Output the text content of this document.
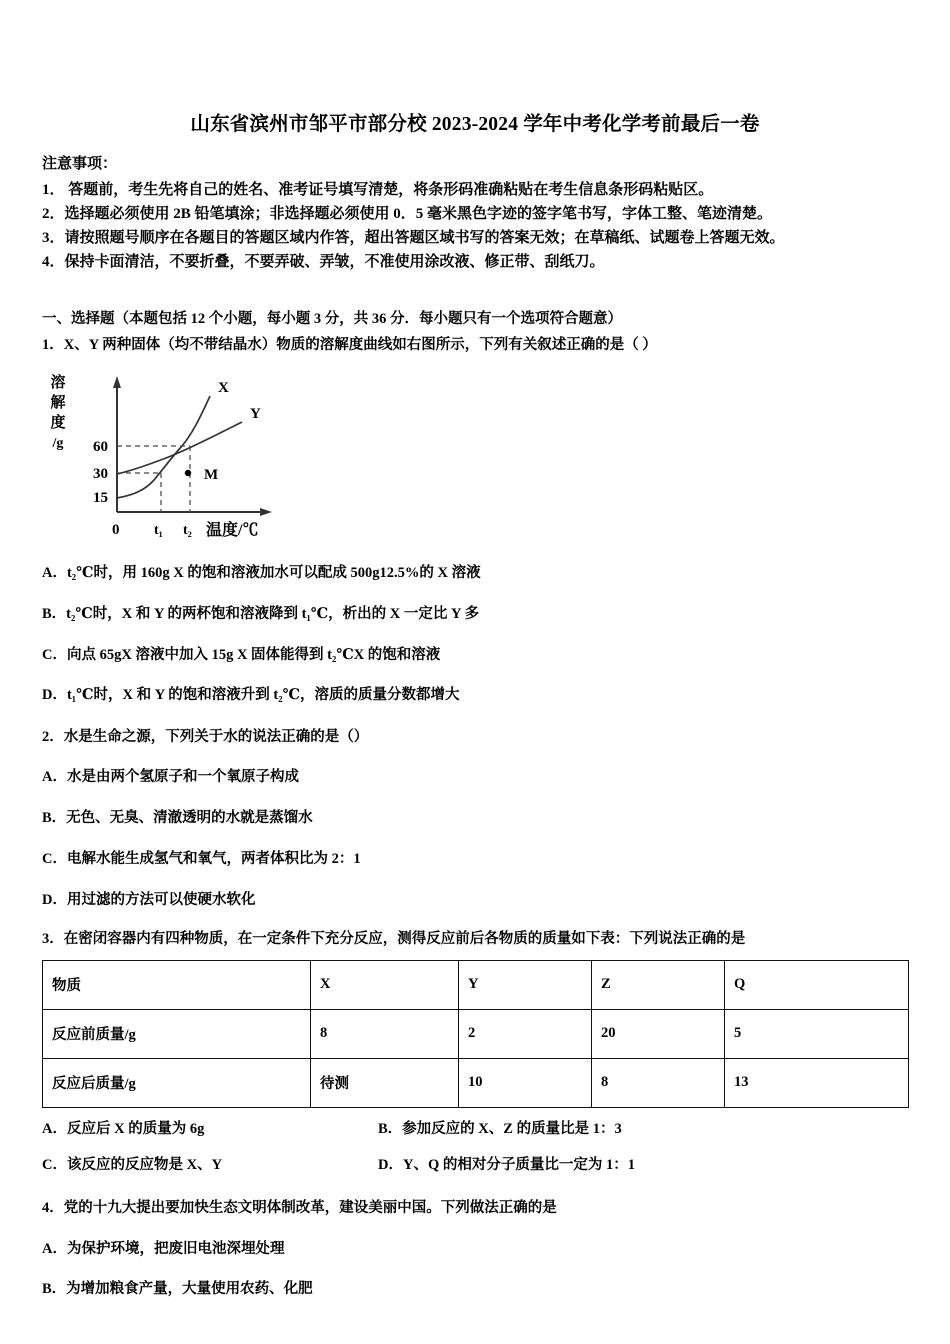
山东省滨州市邹平市部分校 2023-2024 学年中考化学考前最后一卷
注意事项：
1． 答题前，考生先将自己的姓名、准考证号填写清楚，将条形码准确粘贴在考生信息条形码粘贴区。
2．选择题必须使用 2B 铅笔填涂；非选择题必须使用 0．5 毫米黑色字迹的签字笔书写，字体工整、笔迹清楚。
3．请按照题号顺序在各题目的答题区域内作答，超出答题区域书写的答案无效；在草稿纸、试题卷上答题无效。
4．保持卡面清洁，不要折叠，不要弄破、弄皱，不准使用涂改液、修正带、刮纸刀。
一、选择题（本题包括 12 个小题，每小题 3 分，共 36 分．每小题只有一个选项符合题意）
1．X、Y 两种固体（均不带结晶水）物质的溶解度曲线如右图所示，下列有关叙述正确的是（ ）
溶
解
度
/g 60
30
15
M
X
Y
0 t₁ t₂ 温度/℃
A．t₂℃时，用 160g X 的饱和溶液加水可以配成 500g12.5%的 X 溶液
B．t₂℃时，X 和 Y 的两杯饱和溶液降到 t₁℃，析出的 X 一定比 Y 多
C．向点 65gX 溶液中加入 15g X 固体能得到 t₂℃X 的饱和溶液
D．t₁℃时，X 和 Y 的饱和溶液升到 t₂℃，溶质的质量分数都增大
2．水是生命之源，下列关于水的说法正确的是（）
A．水是由两个氢原子和一个氧原子构成
B．无色、无臭、清澈透明的水就是蒸馏水
C．电解水能生成氢气和氧气，两者体积比为 2：1
D．用过滤的方法可以使硬水软化
3．在密闭容器内有四种物质，在一定条件下充分反应，测得反应前后各物质的质量如下表：下列说法正确的是
物质	X	Y	Z	Q
反应前质量/g	8	2	20	5
反应后质量/g	待测	10	8	13
A．反应后 X 的质量为 6g	B．参加反应的 X、Z 的质量比是 1：3
C．该反应的反应物是 X、Y	D．Y、Q 的相对分子质量比一定为 1：1
4．党的十九大提出要加快生态文明体制改革，建设美丽中国。下列做法正确的是
A．为保护环境，把废旧电池深埋处理
B．为增加粮食产量，大量使用农药、化肥
